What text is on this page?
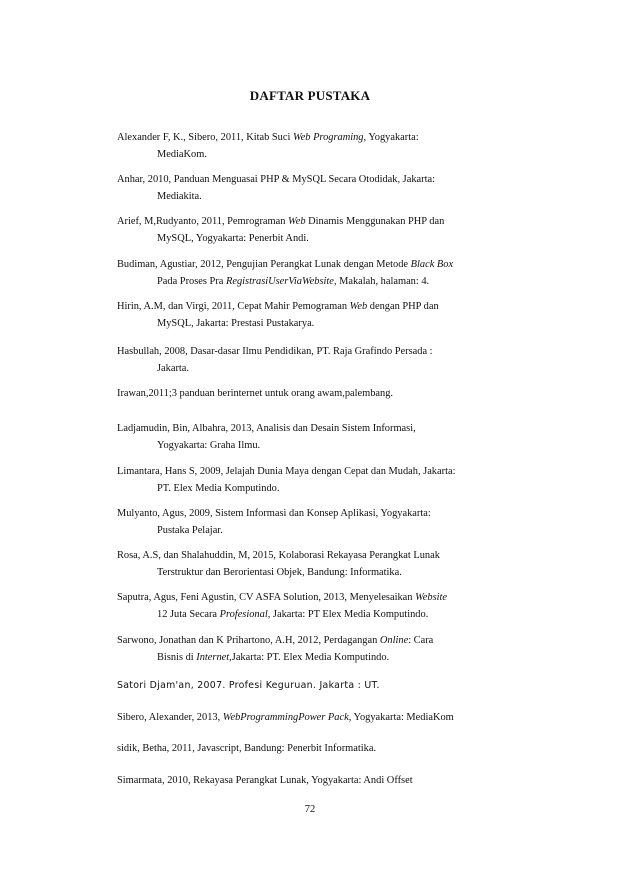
DAFTAR PUSTAKA
Alexander F, K., Sibero, 2011, Kitab Suci Web Programing, Yogyakarta:
MediaKom.
Anhar, 2010, Panduan Menguasai PHP & MySQL Secara Otodidak, Jakarta:
Mediakita.
Arief, M,Rudyanto, 2011, Pemrograman Web Dinamis Menggunakan PHP dan
MySQL, Yogyakarta: Penerbit Andi.
Budiman, Agustiar, 2012, Pengujian Perangkat Lunak dengan Metode Black Box
Pada Proses Pra RegistrasiUserViaWebsite, Makalah, halaman: 4.
Hirin, A.M, dan Virgi, 2011, Cepat Mahir Pemograman Web dengan PHP dan
MySQL, Jakarta: Prestasi Pustakarya.
Hasbullah, 2008, Dasar-dasar Ilmu Pendidikan, PT. Raja Grafindo Persada :
Jakarta.
Irawan,2011;3 panduan berinternet untuk orang awam,palembang.
Ladjamudin, Bin, Albahra, 2013, Analisis dan Desain Sistem Informasi,
Yogyakarta: Graha Ilmu.
Limantara, Hans S, 2009, Jelajah Dunia Maya dengan Cepat dan Mudah, Jakarta:
PT. Elex Media Komputindo.
Mulyanto, Agus, 2009, Sistem Informasi dan Konsep Aplikasi, Yogyakarta:
Pustaka Pelajar.
Rosa, A.S, dan Shalahuddin, M, 2015, Kolaborasi Rekayasa Perangkat Lunak
Terstruktur dan Berorientasi Objek, Bandung: Informatika.
Saputra, Agus, Feni Agustin, CV ASFA Solution, 2013, Menyelesaikan Website
12 Juta Secara Profesional, Jakarta: PT Elex Media Komputindo.
Sarwono, Jonathan dan K Prihartono, A.H, 2012, Perdagangan Online: Cara
Bisnis di Internet,Jakarta: PT. Elex Media Komputindo.
Satori Djam'an, 2007. Profesi Keguruan. Jakarta : UT.
Sibero, Alexander, 2013, WebProgrammingPower Pack, Yogyakarta: MediaKom
sidik, Betha, 2011, Javascript, Bandung: Penerbit Informatika.
Simarmata, 2010, Rekayasa Perangkat Lunak, Yogyakarta: Andi Offset
72
